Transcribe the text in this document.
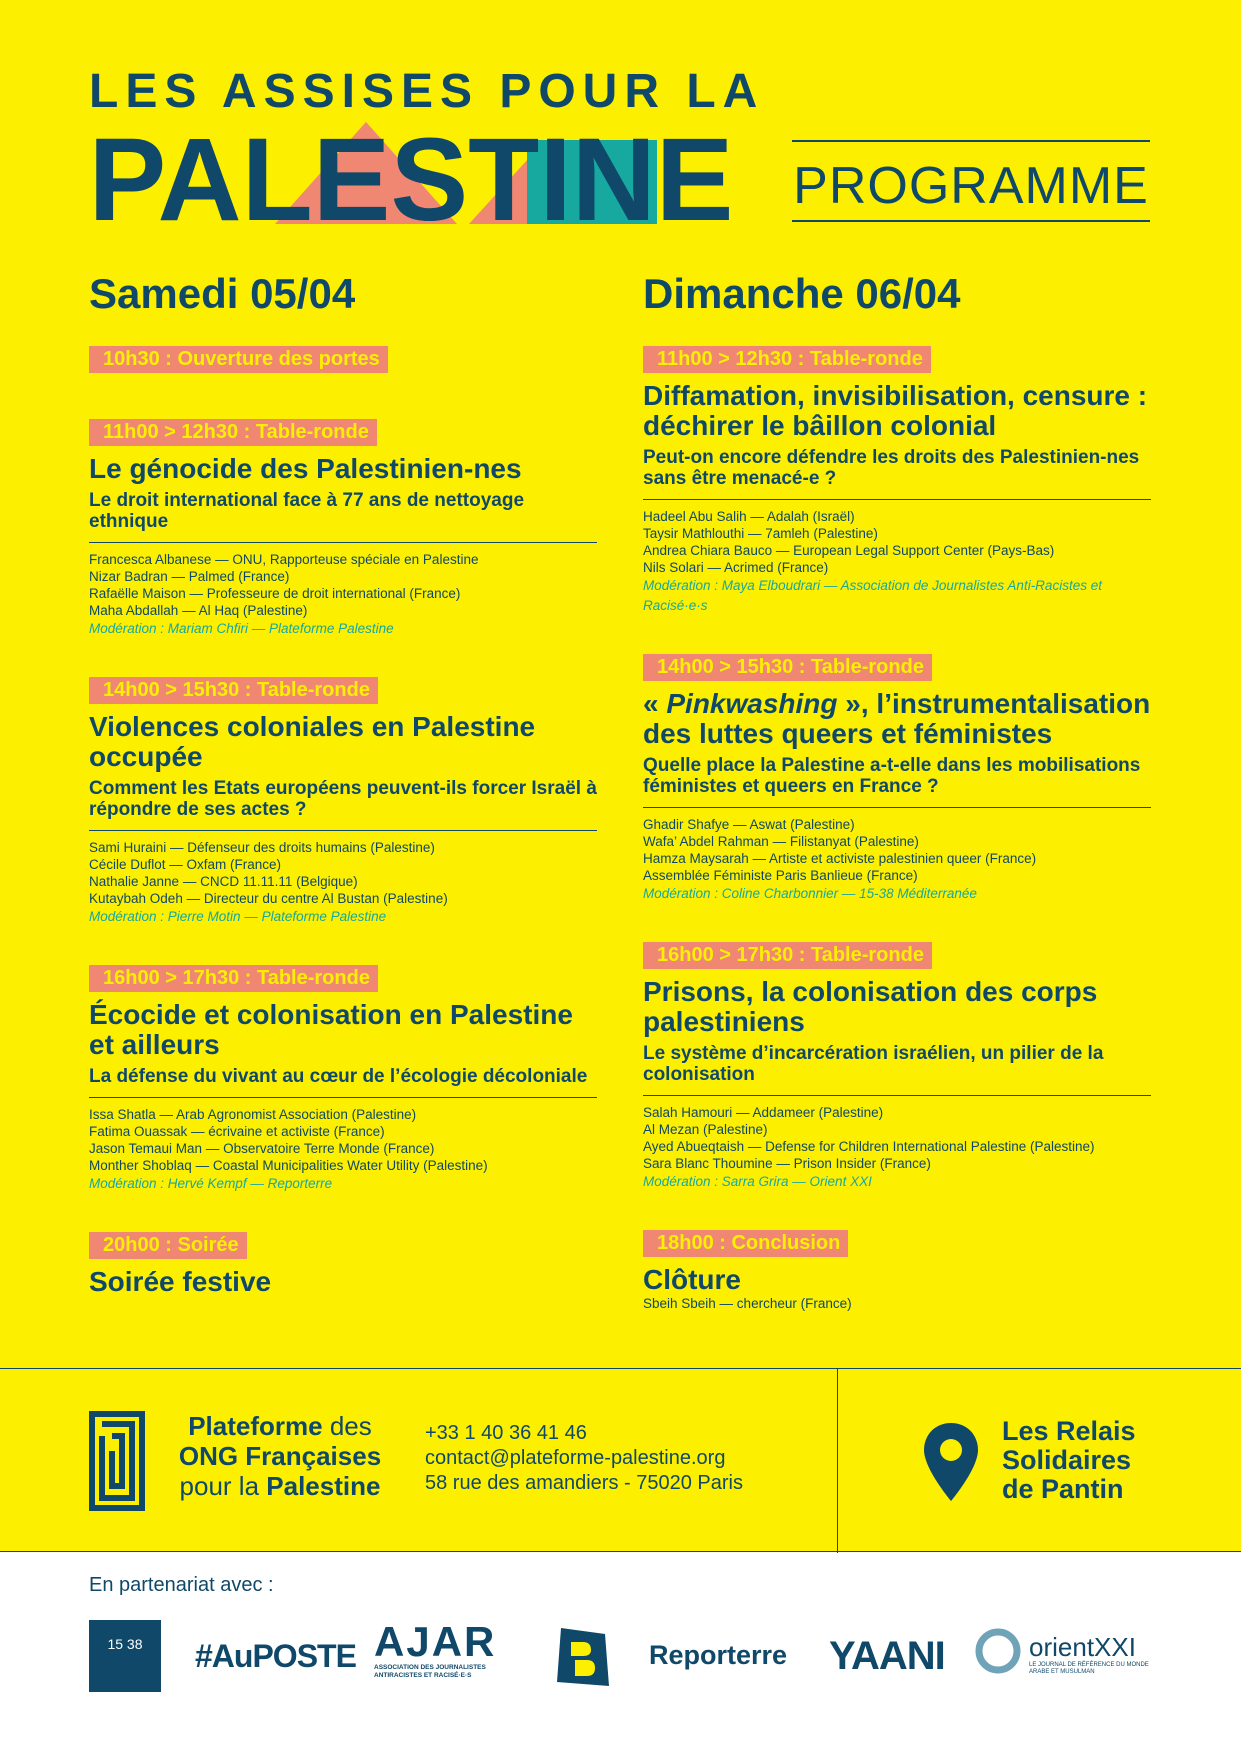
LES ASSISES POUR LA
PALESTINE PROGRAMME
Samedi 05/04
10h30 : Ouverture des portes
11h00 > 12h30 : Table-ronde
Le génocide des Palestinien-nes
Le droit international face à 77 ans de nettoyage ethnique
Francesca Albanese — ONU, Rapporteuse spéciale en Palestine
Nizar Badran — Palmed (France)
Rafaëlle Maison — Professeure de droit international (France)
Maha Abdallah — Al Haq (Palestine)
Modération : Mariam Chfiri — Plateforme Palestine
14h00 > 15h30 : Table-ronde
Violences coloniales en Palestine occupée
Comment les Etats européens peuvent-ils forcer Israël à répondre de ses actes ?
Sami Huraini — Défenseur des droits humains (Palestine)
Cécile Duflot — Oxfam (France)
Nathalie Janne — CNCD 11.11.11 (Belgique)
Kutaybah Odeh — Directeur du centre Al Bustan (Palestine)
Modération : Pierre Motin — Plateforme Palestine
16h00 > 17h30 : Table-ronde
Écocide et colonisation en Palestine et ailleurs
La défense du vivant au cœur de l’écologie décoloniale
Issa Shatla — Arab Agronomist Association (Palestine)
Fatima Ouassak — écrivaine et activiste (France)
Jason Temaui Man — Observatoire Terre Monde (France)
Monther Shoblaq — Coastal Municipalities Water Utility (Palestine)
Modération : Hervé Kempf — Reporterre
20h00 : Soirée
Soirée festive
Dimanche 06/04
11h00 > 12h30 : Table-ronde
Diffamation, invisibilisation, censure : déchirer le bâillon colonial
Peut-on encore défendre les droits des Palestinien-nes sans être menacé-e ?
Hadeel Abu Salih — Adalah (Israël)
Taysir Mathlouthi — 7amleh (Palestine)
Andrea Chiara Bauco — European Legal Support Center (Pays-Bas)
Nils Solari — Acrimed (France)
Modération : Maya Elboudrari — Association de Journalistes Anti-Racistes et Racisé·e·s
14h00 > 15h30 : Table-ronde
« Pinkwashing », l’instrumentalisation des luttes queers et féministes
Quelle place la Palestine a-t-elle dans les mobilisations féministes et queers en France ?
Ghadir Shafye — Aswat (Palestine)
Wafa’ Abdel Rahman — Filistanyat (Palestine)
Hamza Maysarah — Artiste et activiste palestinien queer (France)
Assemblée Féministe Paris Banlieue (France)
Modération : Coline Charbonnier — 15-38 Méditerranée
16h00 > 17h30 : Table-ronde
Prisons, la colonisation des corps palestiniens
Le système d’incarcération israélien, un pilier de la colonisation
Salah Hamouri — Addameer (Palestine)
Al Mezan (Palestine)
Ayed Abueqtaish — Defense for Children International Palestine (Palestine)
Sara Blanc Thoumine — Prison Insider (France)
Modération : Sarra Grira — Orient XXI
18h00 : Conclusion
Clôture
Sbeih Sbeih — chercheur (France)
Plateforme des
ONG Françaises
pour la Palestine
+33 1 40 36 41 46
contact@plateforme-palestine.org
58 rue des amandiers - 75020 Paris
Les Relais
Solidaires
de Pantin
En partenariat avec :
15 38	#AuPOSTE AJAR
ASSOCIATION DES JOURNALISTES ANTIRACISTES ET RACISÉ·E·S
Reporterre YAANI	orientXXI
LE JOURNAL DE RÉFÉRENCE DU MONDE ARABE ET MUSULMAN
